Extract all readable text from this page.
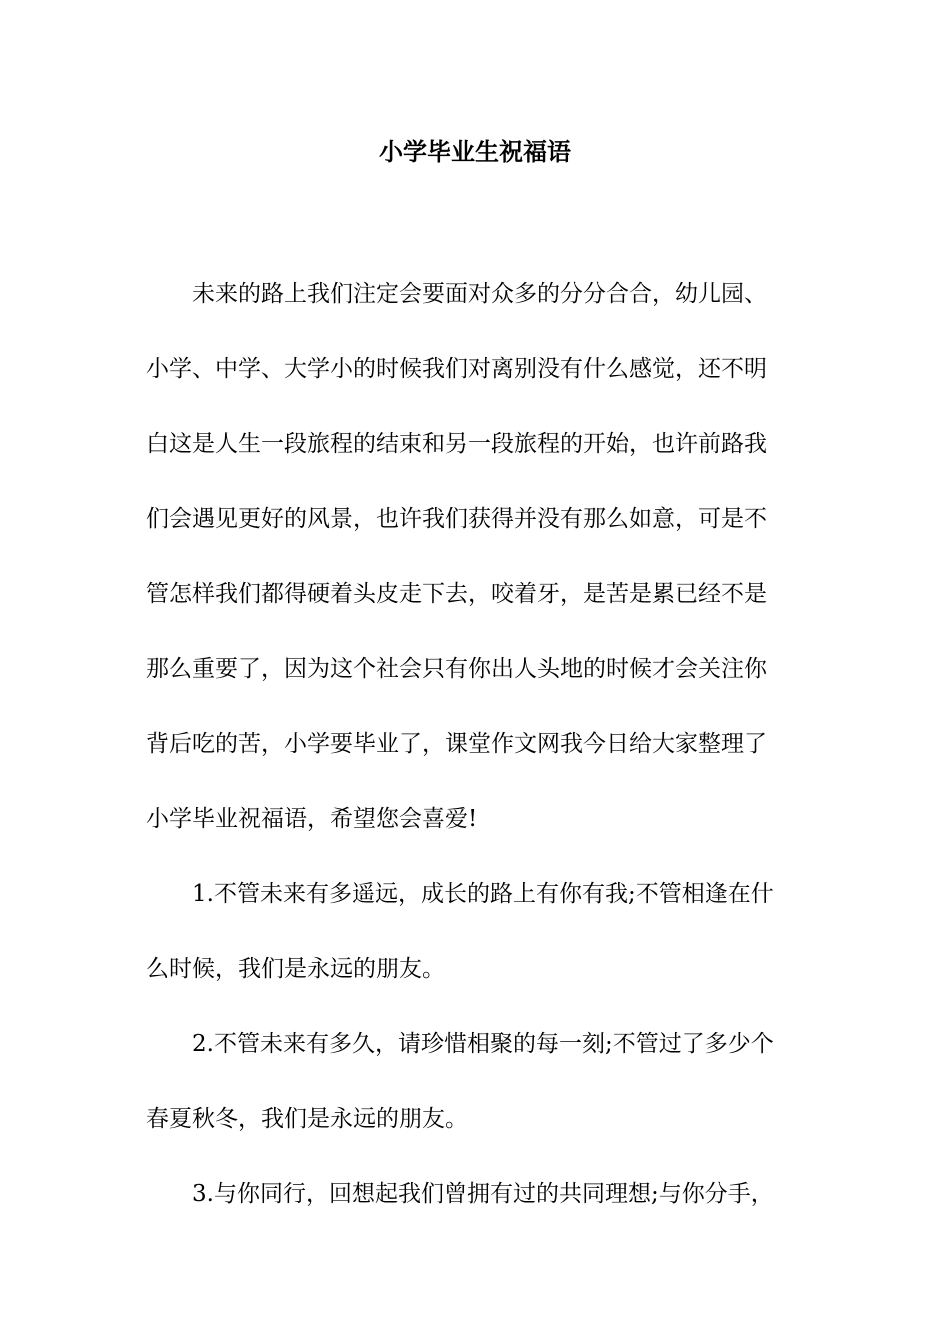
小学毕业生祝福语
未来的路上我们注定会要面对众多的分分合合，幼儿园、
小学、中学、大学小的时候我们对离别没有什么感觉，还不明
白这是人生一段旅程的结束和另一段旅程的开始，也许前路我
们会遇见更好的风景，也许我们获得并没有那么如意，可是不
管怎样我们都得硬着头皮走下去，咬着牙，是苦是累已经不是
那么重要了，因为这个社会只有你出人头地的时候才会关注你
背后吃的苦，小学要毕业了，课堂作文网我今日给大家整理了
小学毕业祝福语，希望您会喜爱!
1.不管未来有多遥远，成长的路上有你有我;不管相逢在什
么时候，我们是永远的朋友。
2.不管未来有多久，请珍惜相聚的每一刻;不管过了多少个
春夏秋冬，我们是永远的朋友。
3.与你同行，回想起我们曾拥有过的共同理想;与你分手，
